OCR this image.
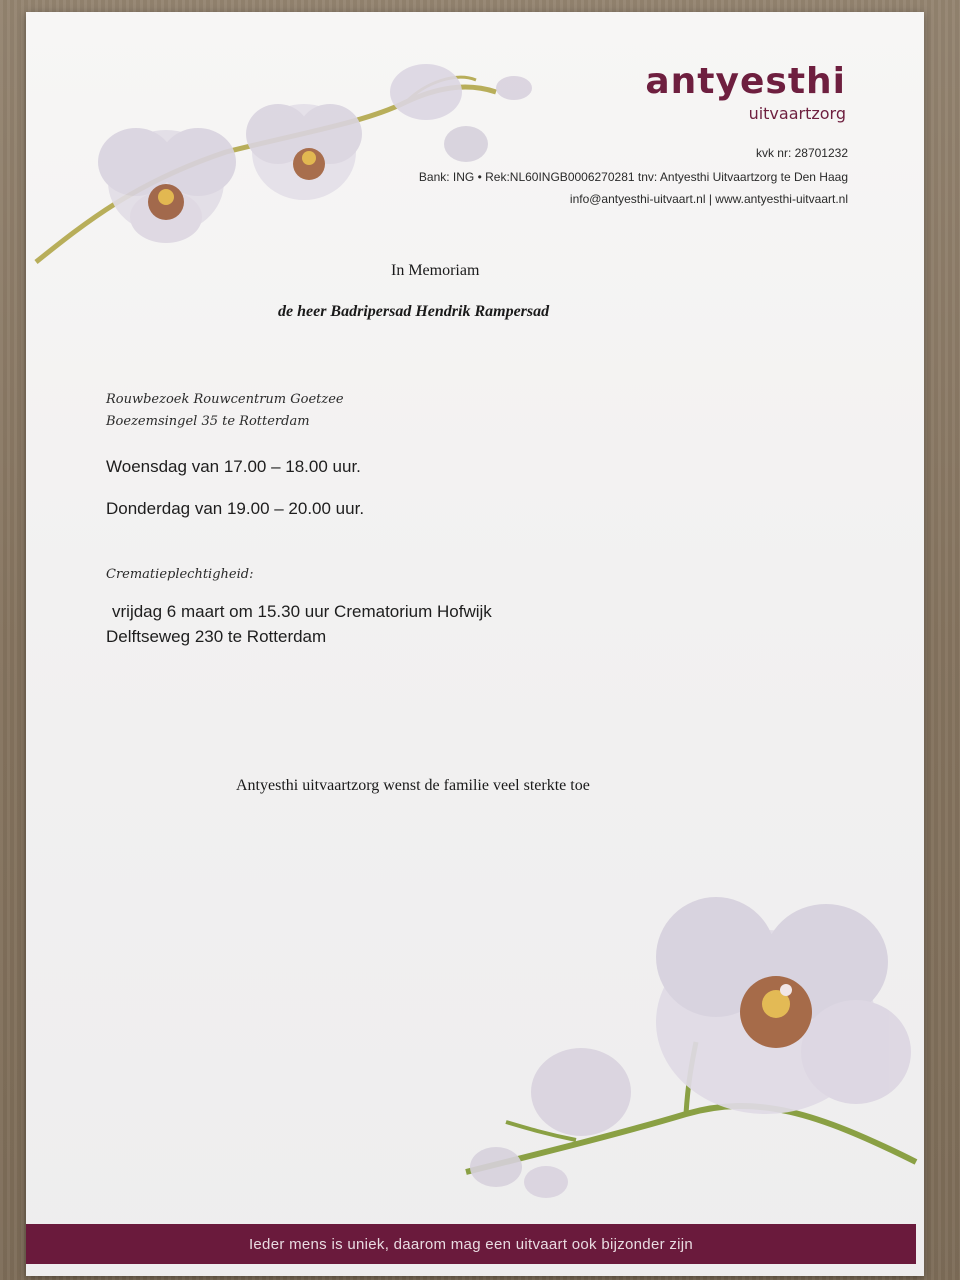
antyesthi
uitvaartzorg
kvk nr: 28701232
Bank: ING • Rek:NL60INGB0006270281 tnv: Antyesthi Uitvaartzorg te Den Haag
info@antyesthi-uitvaart.nl | www.antyesthi-uitvaart.nl
In Memoriam
de heer Badripersad Hendrik Rampersad
Rouwbezoek Rouwcentrum Goetzee
Boezemsingel 35 te Rotterdam
Woensdag van 17.00 – 18.00 uur.
Donderdag van 19.00 – 20.00 uur.
Crematieplechtigheid:
vrijdag 6 maart om 15.30 uur Crematorium Hofwijk
Delftseweg 230 te Rotterdam
Antyesthi uitvaartzorg wenst de familie veel sterkte toe
Ieder mens is uniek, daarom mag een uitvaart ook bijzonder zijn
